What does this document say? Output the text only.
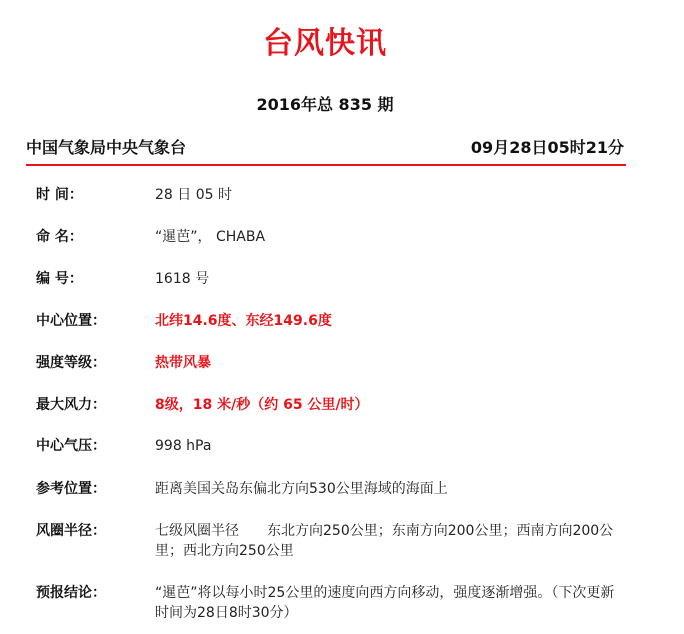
台风快讯
2016年总 835 期
中国气象局中央气象台	09月28日05时21分
时 间：	28 日 05 时
命 名：	“暹芭”， CHABA
编 号：	1618 号
中心位置：	北纬14.6度、东经149.6度
强度等级：	热带风暴
最大风力：	8级，18 米/秒（约 65 公里/时）
中心气压：	998 hPa
参考位置：	距离美国关岛东偏北方向530公里海域的海面上
风圈半径：	七级风圈半径　　东北方向250公里；东南方向200公里；西南方向200公里；西北方向250公里
预报结论：	“暹芭”将以每小时25公里的速度向西方向移动，强度逐渐增强。（下次更新时间为28日8时30分）
